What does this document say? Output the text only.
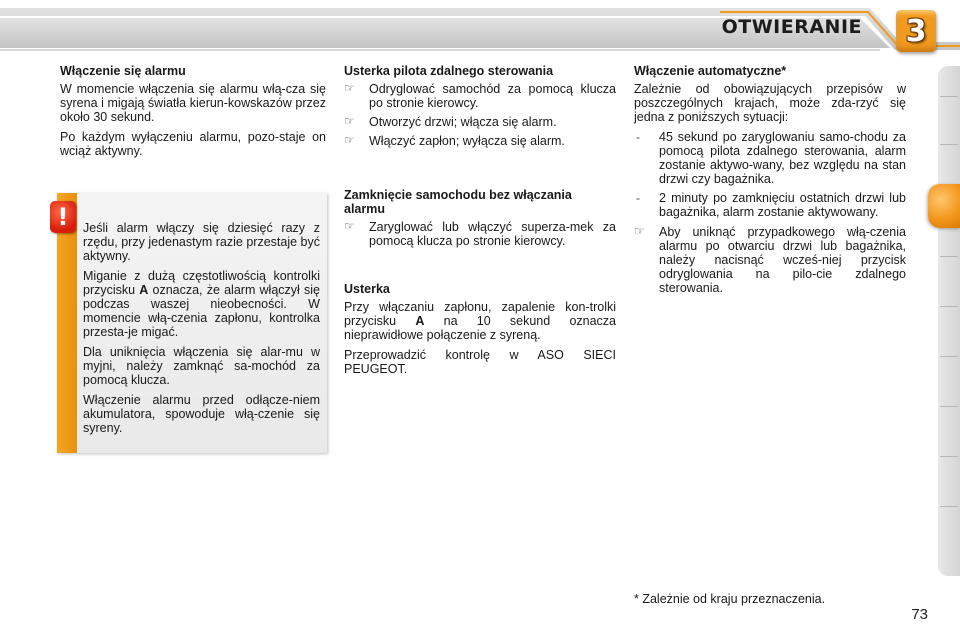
OTWIERANIE	3
Włączenie się alarmu

W momencie włączenia się alarmu włą-cza się syrena i migają światła kierun-kowskazów przez około 30 sekund.

Po każdym wyłączeniu alarmu, pozo-staje on wciąż aktywny.

!	Jeśli alarm włączy się dziesięć razy z rzędu, przy jedenastym razie przestaje być aktywny.

Miganie z dużą częstotliwością kontrolki przycisku A oznacza, że alarm włączył się podczas waszej nieobecności. W momencie włą-czenia zapłonu, kontrolka przesta-je migać.

Dla uniknięcia włączenia się alar-mu w myjni, należy zamknąć sa-mochód za pomocą klucza.

Włączenie alarmu przed odłącze-niem akumulatora, spowoduje włą-czenie się syreny.

Usterka pilota zdalnego sterowania
☞ Odryglować samochód za pomocą klucza po stronie kierowcy.
☞ Otworzyć drzwi; włącza się alarm.
☞ Włączyć zapłon; wyłącza się alarm.
Zamknięcie samochodu bez włączania alarmu
☞ Zaryglować lub włączyć superza-mek za pomocą klucza po stronie kierowcy.
Usterka

Przy włączaniu zapłonu, zapalenie kon-trolki przycisku A na 10 sekund oznacza nieprawidłowe połączenie z syreną.

Przeprowadzić kontrolę w ASO SIECI PEUGEOT.

Włączenie automatyczne*

Zależnie od obowiązujących przepisów w poszczególnych krajach, może zda-rzyć się jedna z poniższych sytuacji:

- 45 sekund po zaryglowaniu samo-chodu za pomocą pilota zdalnego sterowania, alarm zostanie aktywo-wany, bez względu na stan drzwi czy bagażnika.
- 2 minuty po zamknięciu ostatnich drzwi lub bagażnika, alarm zostanie aktywowany.
☞ Aby uniknąć przypadkowego włą-czenia alarmu po otwarciu drzwi lub bagażnika, należy nacisnąć wcześ-niej przycisk odryglowania na pilo-cie zdalnego sterowania.
* Zależnie od kraju przeznaczenia.
73
